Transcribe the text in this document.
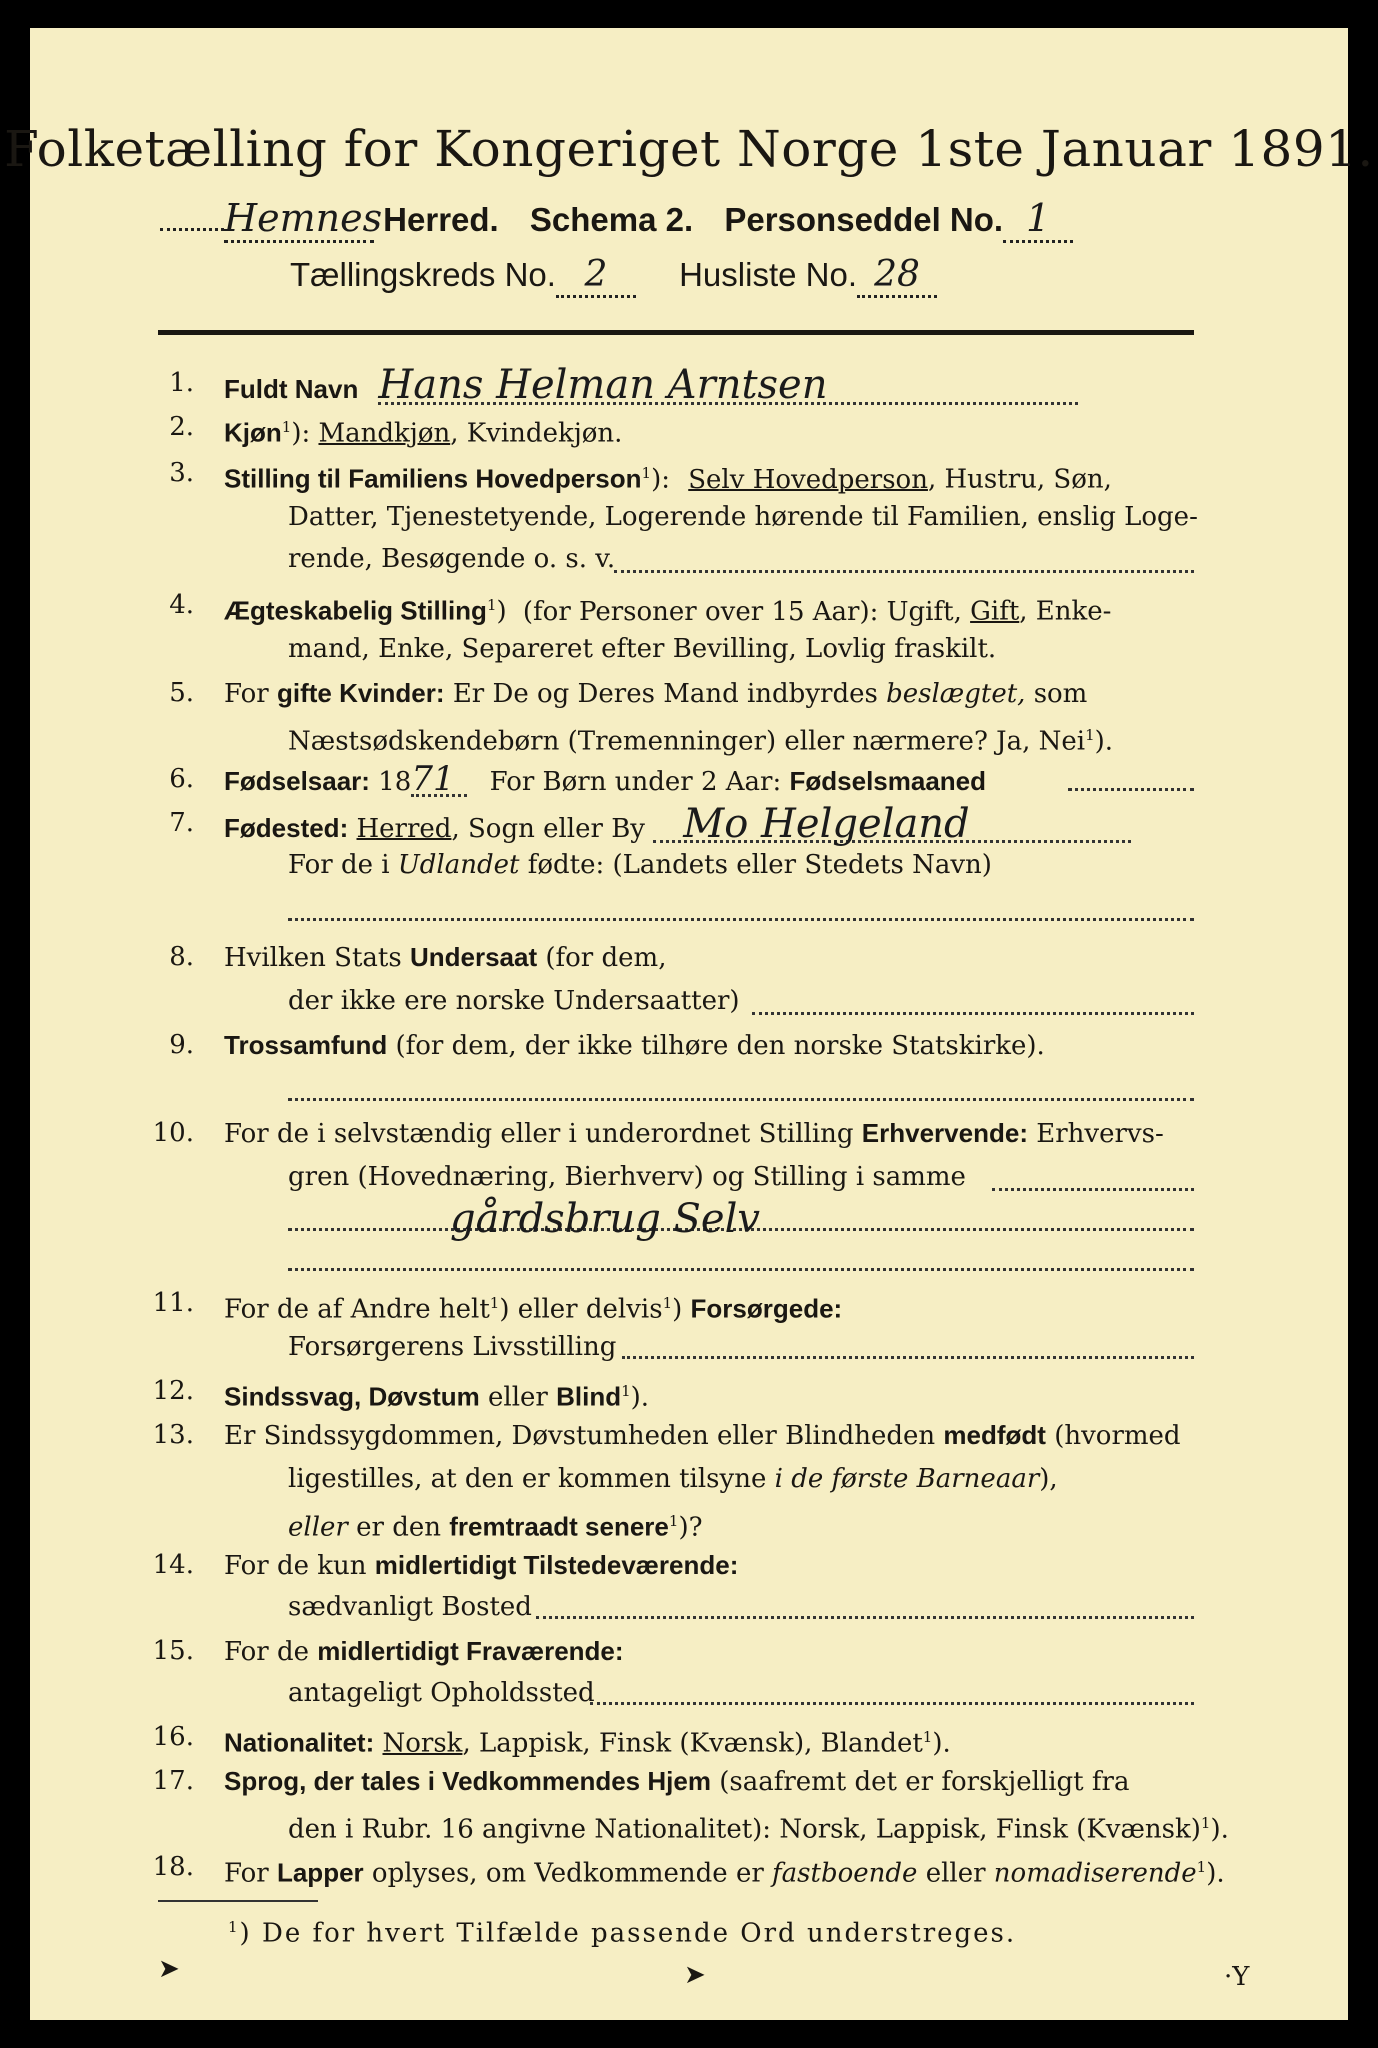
Folketælling for Kongeriget Norge 1ste Januar 1891.
Hemnes Herred. Schema 2. Personseddel No. 1
Tællingskreds No. 2 Husliste No. 28
1. Fuldt Navn Hans Helman Arntsen
2. Kjøn$^1$): Mandkjøn, Kvindekjøn.
3. Stilling til Familiens Hovedperson$^1$): Selv Hovedperson, Hustru, Søn,
Datter, Tjenestetyende, Logerende hørende til Familien, enslig Loge-
rende, Besøgende o. s. v.
4. Ægteskabelig Stilling$^1$) (for Personer over 15 Aar): Ugift, Gift, Enke-
mand, Enke, Separeret efter Bevilling, Lovlig fraskilt.
5. For gifte Kvinder: Er De og Deres Mand indbyrdes beslægtet, som
Næstsødskendebørn (Tremenninger) eller nærmere? Ja, Nei$^1$).
6. Fødselsaar: 1871 For Børn under 2 Aar: Fødselsmaaned
7. Fødested: Herred, Sogn eller By Mo Helgeland
For de i Udlandet fødte: (Landets eller Stedets Navn)
8. Hvilken Stats Undersaat (for dem,
der ikke ere norske Undersaatter)
9. Trossamfund (for dem, der ikke tilhøre den norske Statskirke).
10. For de i selvstændig eller i underordnet Stilling Erhvervende: Erhvervs-
gren (Hovednæring, Bierhverv) og Stilling i samme
gårdsbrug Selv
11. For de af Andre helt$^1$) eller delvis$^1$) Forsørgede:
Forsørgerens Livsstilling
12. Sindssvag, Døvstum eller Blind$^1$).
13. Er Sindssygdommen, Døvstumheden eller Blindheden medfødt (hvormed
ligestilles, at den er kommen tilsyne i de første Barneaar),
eller er den fremtraadt senere$^1$)?
14. For de kun midlertidigt Tilstedeværende:
sædvanligt Bosted
15. For de midlertidigt Fraværende:
antageligt Opholdssted
16. Nationalitet: Norsk, Lappisk, Finsk (Kvænsk), Blandet$^1$).
17. Sprog, der tales i Vedkommendes Hjem (saafremt det er forskjelligt fra
den i Rubr. 16 angivne Nationalitet): Norsk, Lappisk, Finsk (Kvænsk)$^1$).
18. For Lapper oplyses, om Vedkommende er fastboende eller nomadiserende$^1$).
$^1$) De for hvert Tilfælde passende Ord understreges.
➤	➤	·Y
